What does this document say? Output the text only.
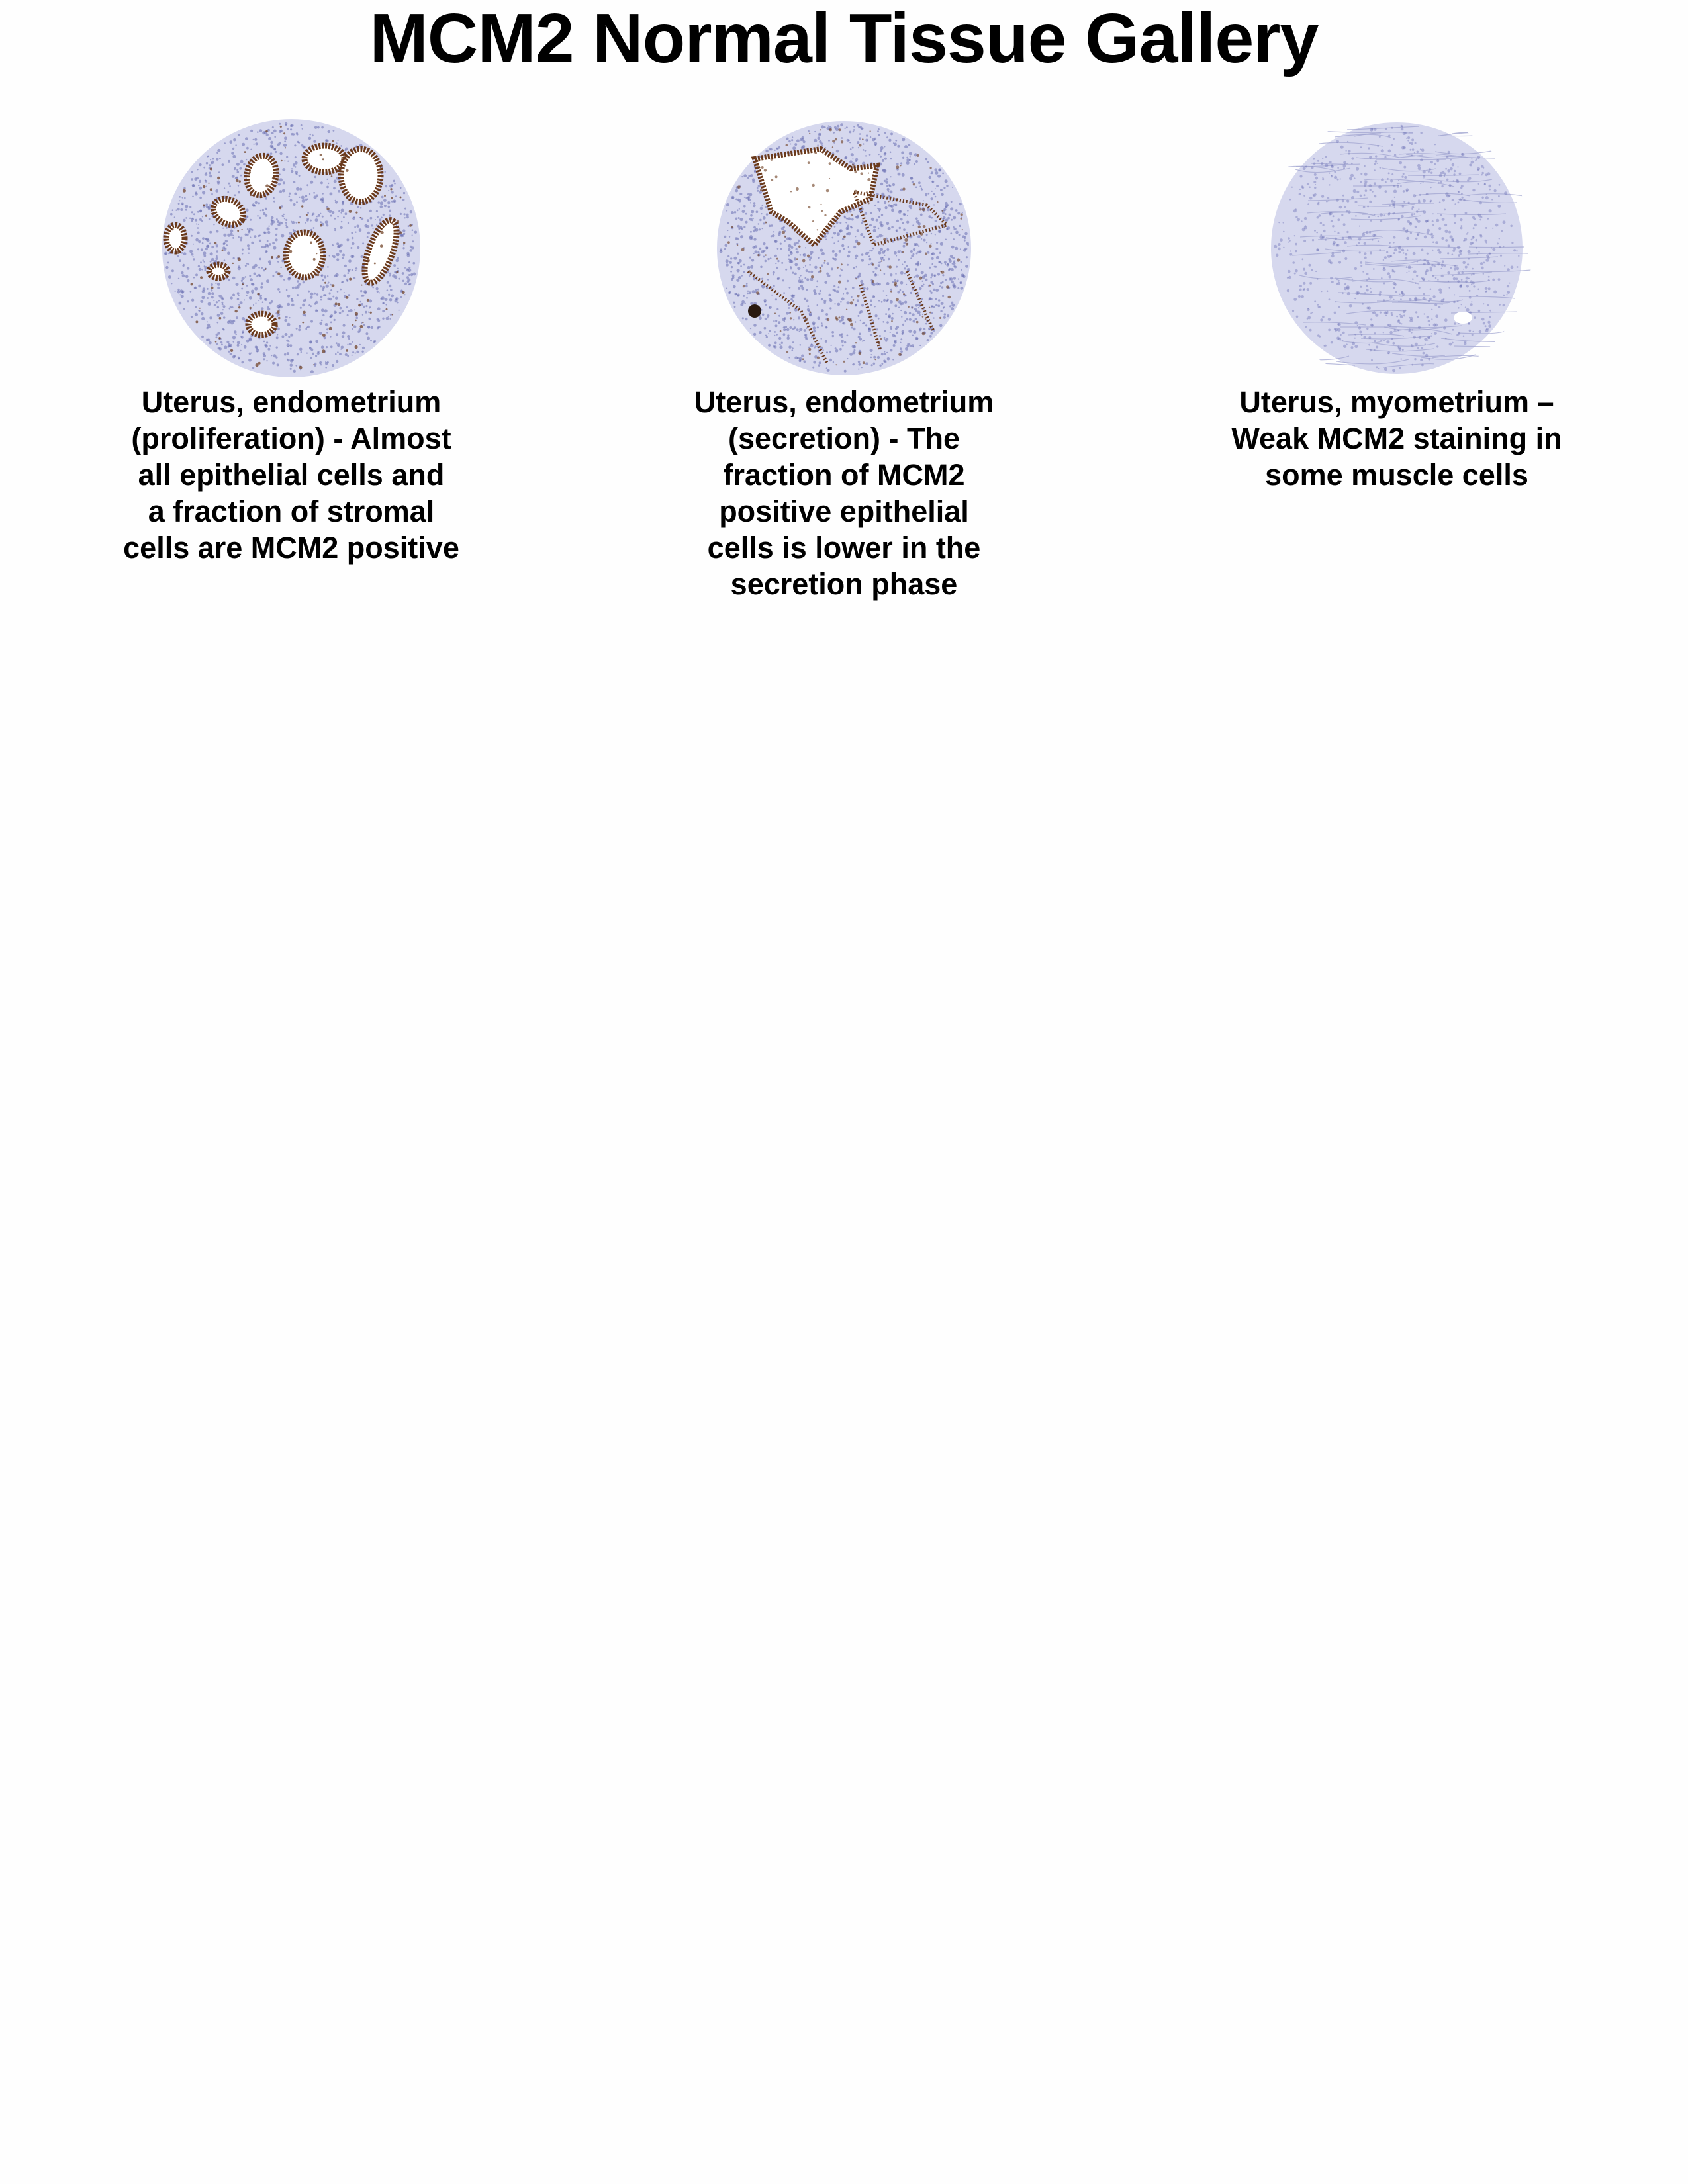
MCM2 Normal Tissue Gallery
Uterus, endometrium
(proliferation) - Almost
all epithelial cells and
a fraction of stromal
cells are MCM2 positive
Uterus, endometrium
(secretion) - The
fraction of MCM2
positive epithelial
cells is lower in the
secretion phase
Uterus, myometrium –
Weak MCM2 staining in
some muscle cells
